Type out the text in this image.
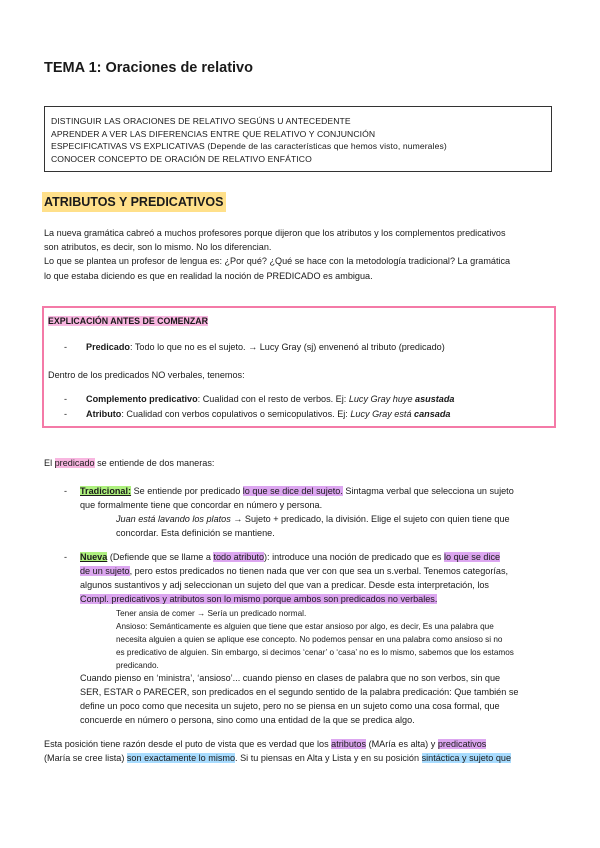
TEMA 1: Oraciones de relativo
DISTINGUIR LAS ORACIONES DE RELATIVO SEGÚNS U ANTECEDENTE
APRENDER A VER LAS DIFERENCIAS ENTRE QUE RELATIVO Y CONJUNCIÓN
ESPECIFICATIVAS VS EXPLICATIVAS (Depende de las características que hemos visto, numerales)
CONOCER CONCEPTO DE ORACIÓN DE RELATIVO ENFÁTICO
ATRIBUTOS Y PREDICATIVOS
La nueva gramática cabreó a muchos profesores porque dijeron que los atributos y los complementos predicativos
son atributos, es decir, son lo mismo. No los diferencian.
Lo que se plantea un profesor de lengua es: ¿Por qué? ¿Qué se hace con la metodología tradicional? La gramática
lo que estaba diciendo es que en realidad la noción de PREDICADO es ambigua.
EXPLICACIÓN ANTES DE COMENZAR
- Predicado: Todo lo que no es el sujeto. → Lucy Gray (sj) envenenó al tributo (predicado)
Dentro de los predicados NO verbales, tenemos:
- Complemento predicativo: Cualidad con el resto de verbos. Ej: Lucy Gray huye asustada
- Atributo: Cualidad con verbos copulativos o semicopulativos. Ej: Lucy Gray está cansada
El predicado se entiende de dos maneras:
- Tradicional: Se entiende por predicado lo que se dice del sujeto. Sintagma verbal que selecciona un sujeto
que formalmente tiene que concordar en número y persona.
Juan está lavando los platos → Sujeto + predicado, la división. Elige el sujeto con quien tiene que
concordar. Esta definición se mantiene.
- Nueva (Defiende que se llame a todo atributo): introduce una noción de predicado que es lo que se dice
de un sujeto, pero estos predicados no tienen nada que ver con que sea un s.verbal. Tenemos categorías,
algunos sustantivos y adj seleccionan un sujeto del que van a predicar. Desde esta interpretación, los
Compl. predicativos y atributos son lo mismo porque ambos son predicados no verbales.
Tener ansia de comer → Sería un predicado normal.
Ansioso: Semánticamente es alguien que tiene que estar ansioso por algo, es decir, Es una palabra que
necesita alguien a quien se aplique ese concepto. No podemos pensar en una palabra como ansioso si no
es predicativo de alguien. Sin embargo, si decimos ‘cenar’ o ‘casa’ no es lo mismo, sabemos que los estamos
predicando.
Cuando pienso en ‘ministra’, ‘ansioso’... cuando pienso en clases de palabra que no son verbos, sin que
SER, ESTAR o PARECER, son predicados en el segundo sentido de la palabra predicación: Que también se
define un poco como que necesita un sujeto, pero no se piensa en un sujeto como una cosa formal, que
concuerde en número o persona, sino como una entidad de la que se predica algo.
Esta posición tiene razón desde el puto de vista que es verdad que los atributos (MAría es alta) y predicativos
(María se cree lista) son exactamente lo mismo. Si tu piensas en Alta y Lista y en su posición sintáctica y sujeto que
